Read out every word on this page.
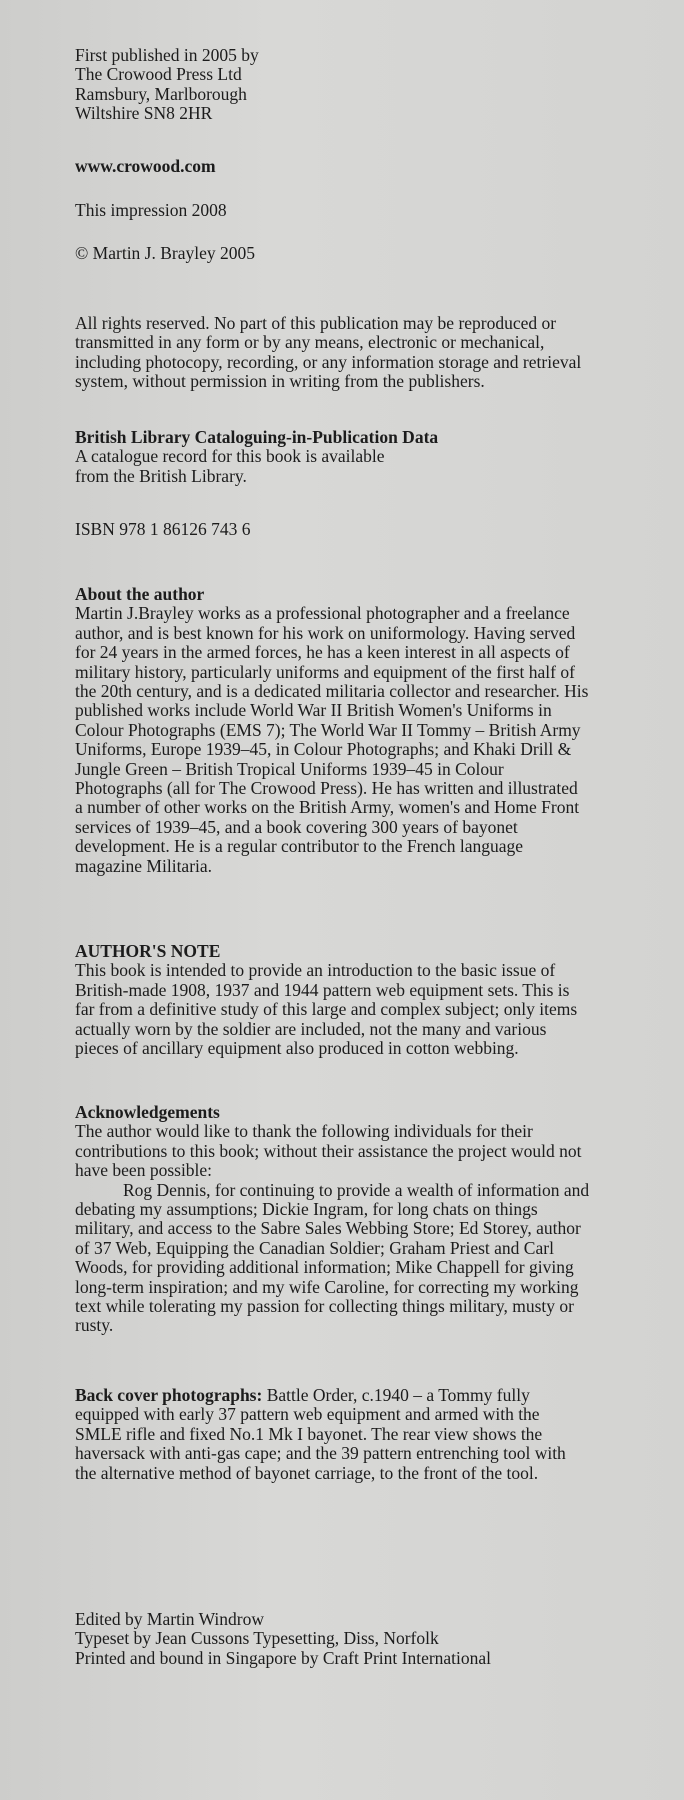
First published in 2005 by
The Crowood Press Ltd
Ramsbury, Marlborough
Wiltshire SN8 2HR
www.crowood.com
This impression 2008
© Martin J. Brayley 2005
All rights reserved. No part of this publication may be reproduced or
transmitted in any form or by any means, electronic or mechanical,
including photocopy, recording, or any information storage and retrieval
system, without permission in writing from the publishers.
British Library Cataloguing-in-Publication Data
A catalogue record for this book is available
from the British Library.
ISBN 978 1 86126 743 6
About the author
Martin J.Brayley works as a professional photographer and a freelance
author, and is best known for his work on uniformology. Having served
for 24 years in the armed forces, he has a keen interest in all aspects of
military history, particularly uniforms and equipment of the first half of
the 20th century, and is a dedicated militaria collector and researcher. His
published works include World War II British Women's Uniforms in
Colour Photographs (EMS 7); The World War II Tommy – British Army
Uniforms, Europe 1939–45, in Colour Photographs; and Khaki Drill &
Jungle Green – British Tropical Uniforms 1939–45 in Colour
Photographs (all for The Crowood Press). He has written and illustrated
a number of other works on the British Army, women's and Home Front
services of 1939–45, and a book covering 300 years of bayonet
development. He is a regular contributor to the French language
magazine Militaria.
AUTHOR'S NOTE
This book is intended to provide an introduction to the basic issue of
British-made 1908, 1937 and 1944 pattern web equipment sets. This is
far from a definitive study of this large and complex subject; only items
actually worn by the soldier are included, not the many and various
pieces of ancillary equipment also produced in cotton webbing.
Acknowledgements
The author would like to thank the following individuals for their
contributions to this book; without their assistance the project would not
have been possible:
Rog Dennis, for continuing to provide a wealth of information and
debating my assumptions; Dickie Ingram, for long chats on things
military, and access to the Sabre Sales Webbing Store; Ed Storey, author
of 37 Web, Equipping the Canadian Soldier; Graham Priest and Carl
Woods, for providing additional information; Mike Chappell for giving
long-term inspiration; and my wife Caroline, for correcting my working
text while tolerating my passion for collecting things military, musty or
rusty.
Back cover photographs: Battle Order, c.1940 – a Tommy fully
equipped with early 37 pattern web equipment and armed with the
SMLE rifle and fixed No.1 Mk I bayonet. The rear view shows the
haversack with anti-gas cape; and the 39 pattern entrenching tool with
the alternative method of bayonet carriage, to the front of the tool.
Edited by Martin Windrow
Typeset by Jean Cussons Typesetting, Diss, Norfolk
Printed and bound in Singapore by Craft Print International
